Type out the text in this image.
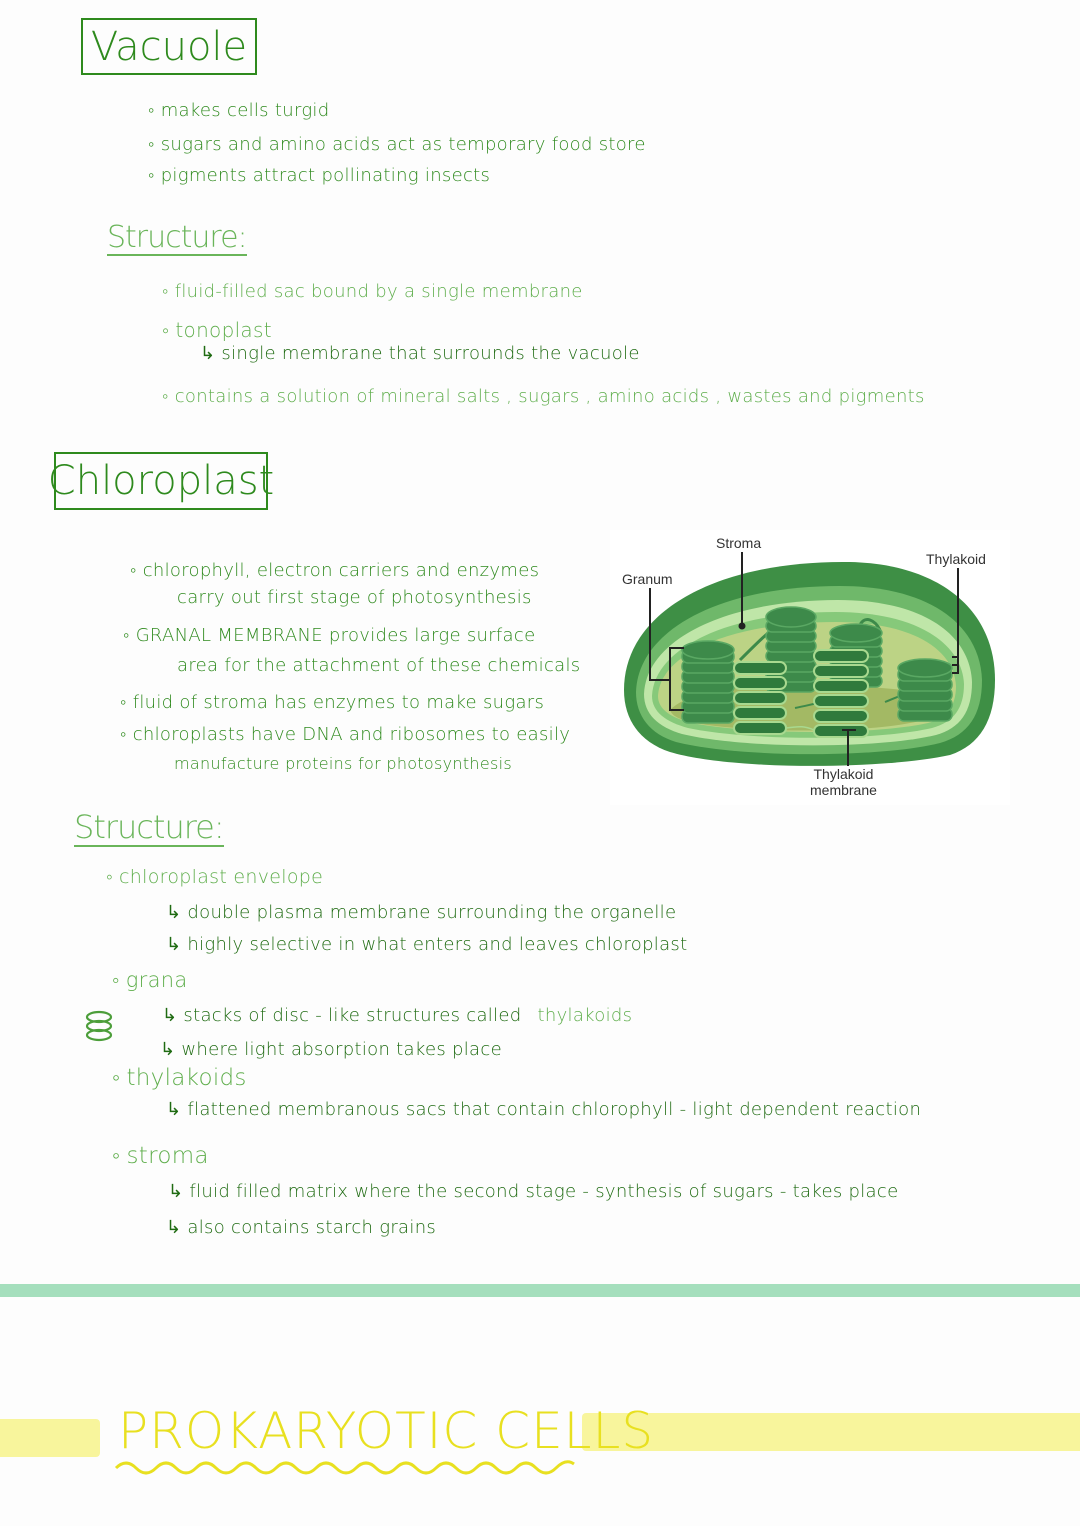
Vacuole
◦ makes cells turgid
◦ sugars and amino acids act as temporary food store
◦ pigments attract pollinating insects
Structure:
◦ fluid-filled sac bound by a single membrane
◦ tonoplast
↳ single membrane that surrounds the vacuole
◦ contains a solution of mineral salts , sugars , amino acids , wastes and pigments
Chloroplast
◦ chlorophyll, electron carriers and enzymes
carry out first stage of photosynthesis
◦ GRANAL MEMBRANE provides large surface
area for the attachment of these chemicals
◦ fluid of stroma has enzymes to make sugars
◦ chloroplasts have DNA and ribosomes to easily
manufacture proteins for photosynthesis
Stroma
Granum
Thylakoid
Thylakoid
membrane
Structure:
◦ chloroplast envelope
↳ double plasma membrane surrounding the organelle
↳ highly selective in what enters and leaves chloroplast
◦ grana
↳ stacks of disc - like structures called thylakoids
↳ where light absorption takes place
◦ thylakoids
↳ flattened membranous sacs that contain chlorophyll - light dependent reaction
◦ stroma
↳ fluid filled matrix where the second stage - synthesis of sugars - takes place
↳ also contains starch grains
PROKARYOTIC CELLS
